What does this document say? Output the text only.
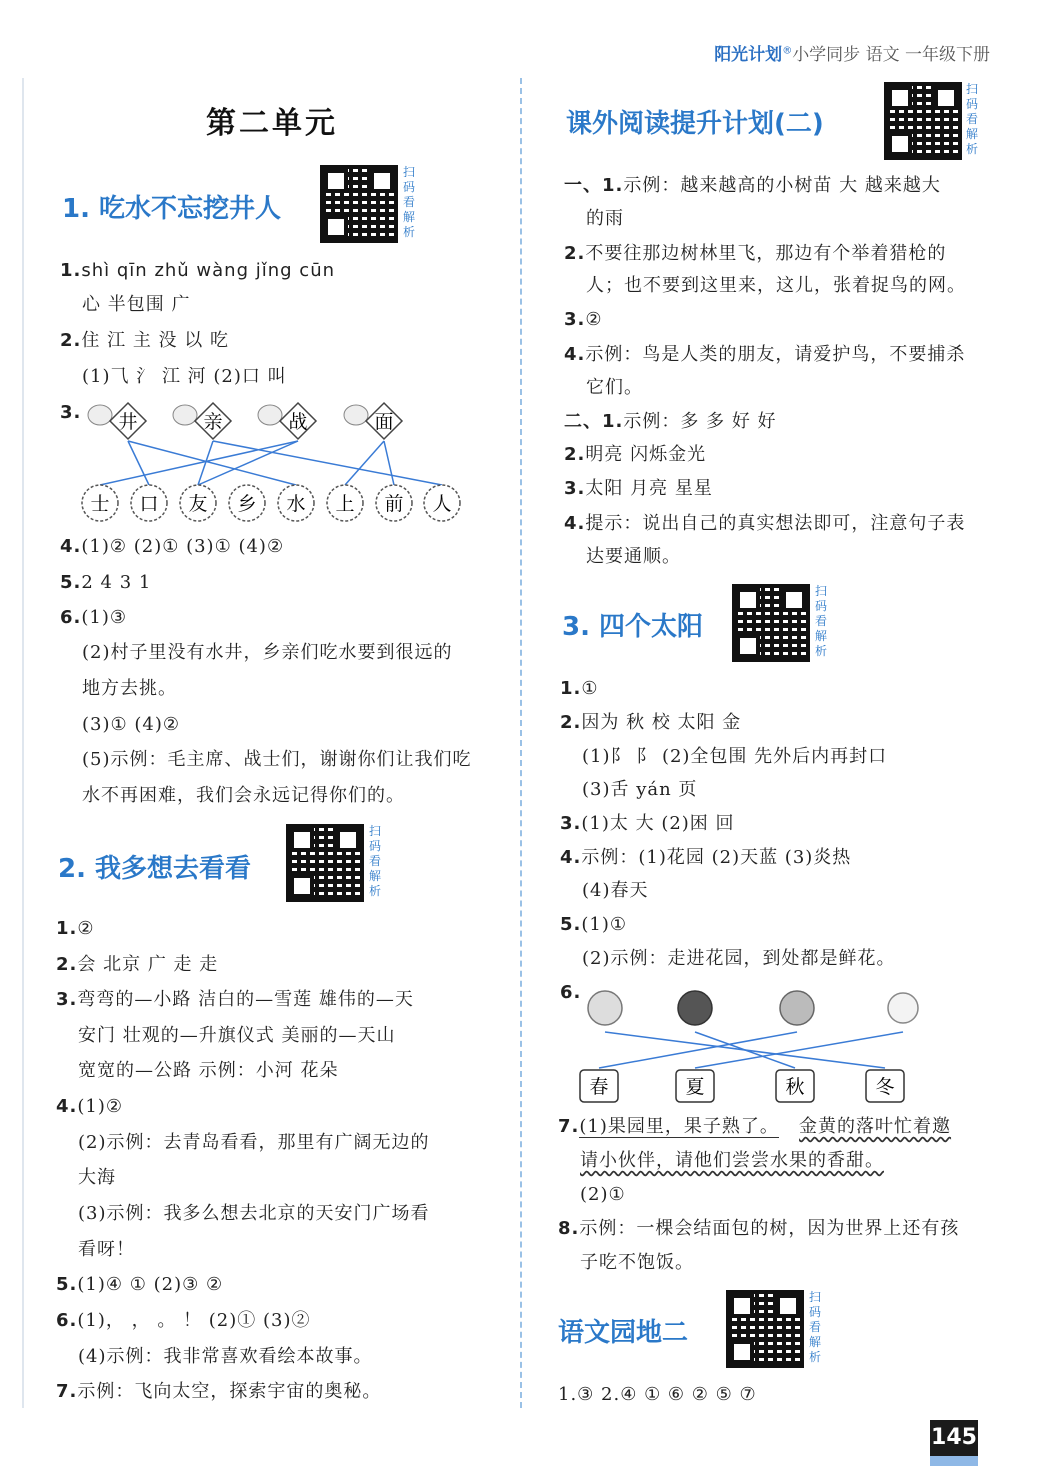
阳光计划®小学同步 语文 一年级下册
第二单元
1. 吃水不忘挖井人
扫码看解析
1.shì qīn zhǔ wàng jǐng cūn
心 半包围 广
2.住 江 主 没 以 吃
(1)⺄ 氵 江 河 (2)口 叫
3.
4.(1)② (2)① (3)① (4)②
5.2 4 3 1
6.(1)③
(2)村子里没有水井，乡亲们吃水要到很远的
地方去挑。
(3)① (4)②
(5)示例：毛主席、战士们，谢谢你们让我们吃
水不再困难，我们会永远记得你们的。
井	亲	战	面
士 口 友 乡 水 上 前 人
2. 我多想去看看
扫码看解析
1.②
2.会 北京 广 走 走
3.弯弯的—小路 洁白的—雪莲 雄伟的—天
安门 壮观的—升旗仪式 美丽的—天山
宽宽的—公路 示例：小河 花朵
4.(1)②
(2)示例：去青岛看看，那里有广阔无边的
大海
(3)示例：我多么想去北京的天安门广场看
看呀！
5.(1)④ ① (2)③ ②
6.(1)， ， 。 ！ (2)① (3)②
(4)示例：我非常喜欢看绘本故事。
7.示例：飞向太空，探索宇宙的奥秘。
课外阅读提升计划(二)
扫码看解析
一、1.示例：越来越高的小树苗 大 越来越大
的雨
2.不要往那边树林里飞，那边有个举着猎枪的
人；也不要到这里来，这儿，张着捉鸟的网。
3.②
4.示例：鸟是人类的朋友，请爱护鸟，不要捕杀
它们。
二、1.示例：多 多 好 好
2.明亮 闪烁金光
3.太阳 月亮 星星
4.提示：说出自己的真实想法即可，注意句子表
达要通顺。
3. 四个太阳
扫码看解析
1.①
2.因为 秋 校 太阳 金
(1)⻖ 阝 (2)全包围 先外后内再封口
(3)舌 yán 页
3.(1)太 大 (2)困 回
4.示例：(1)花园 (2)天蓝 (3)炎热
(4)春天
5.(1)①
(2)示例：走进花园，到处都是鲜花。
6.
春	夏	秋	冬
7.(1)果园里，果子熟了。 金黄的落叶忙着邀
请小伙伴，请他们尝尝水果的香甜。
(2)①
8.示例：一棵会结面包的树，因为世界上还有孩
子吃不饱饭。
语文园地二
扫码看解析
1.③ 2.④ ① ⑥ ② ⑤ ⑦
145
